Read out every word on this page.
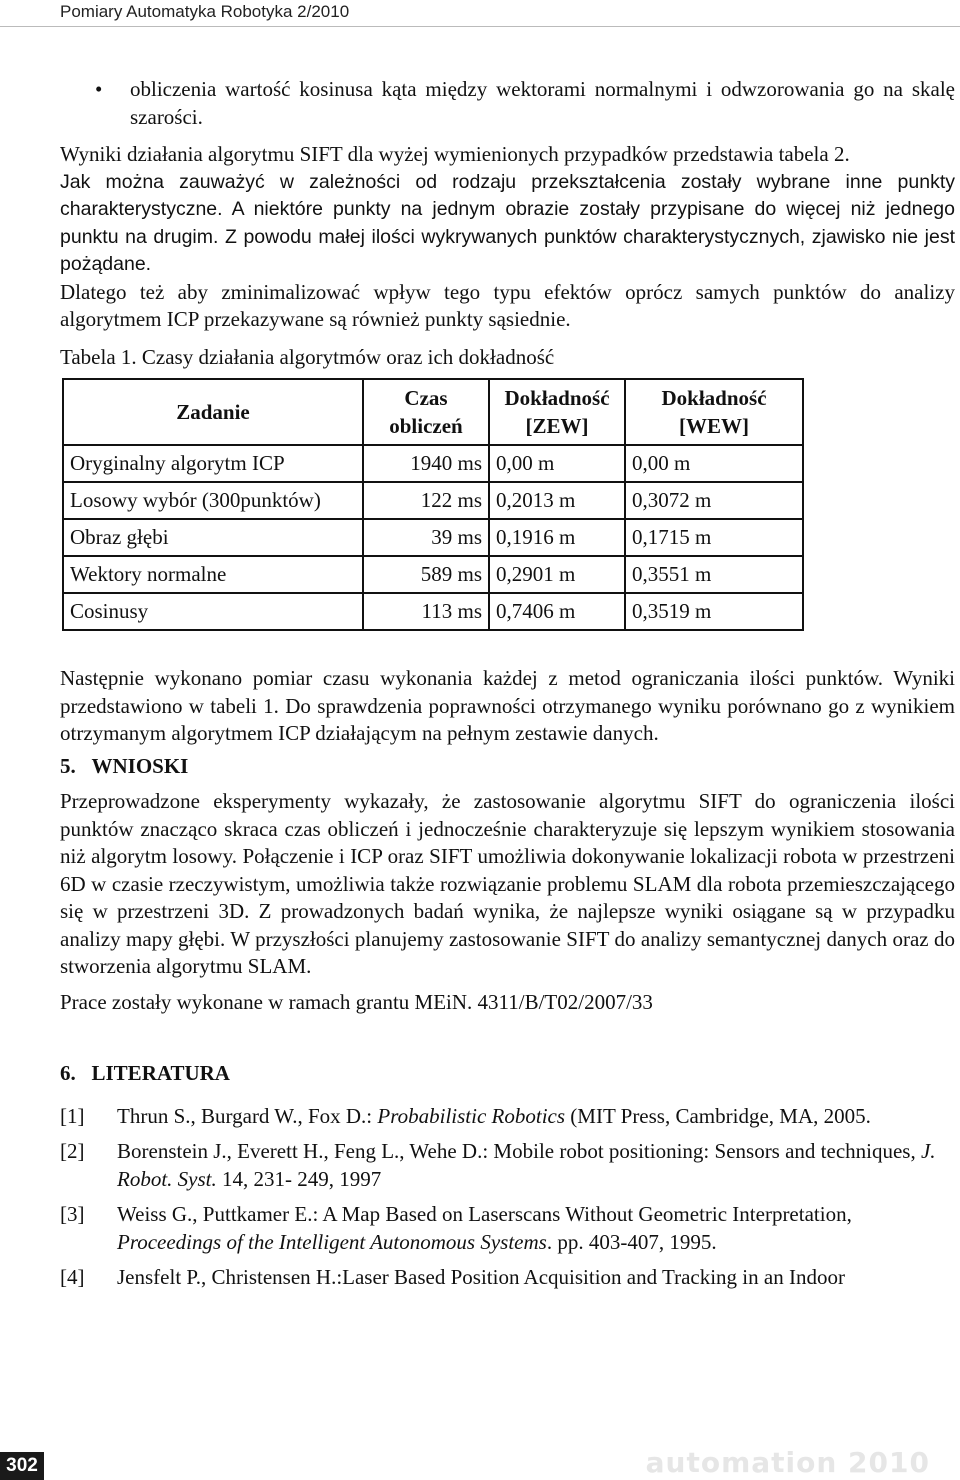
Pomiary Automatyka Robotyka 2/2010
• obliczenia wartość kosinusa kąta między wektorami normalnymi i odwzorowania go na skalę szarości.

Wyniki działania algorytmu SIFT dla wyżej wymienionych przypadków przedstawia tabela 2.

Jak można zauważyć w zależności od rodzaju przekształcenia zostały wybrane inne punkty charakterystyczne. A niektóre punkty na jednym obrazie zostały przypisane do więcej niż jednego punktu na drugim. Z powodu małej ilości wykrywanych punktów charakterystycznych, zjawisko nie jest pożądane.

Dlatego też aby zminimalizować wpływ tego typu efektów oprócz samych punktów do analizy algorytmem ICP przekazywane są również punkty sąsiednie.

Tabela 1. Czasy działania algorytmów oraz ich dokładność

Zadanie	Czas obliczeń	Dokładność [ZEW]	Dokładność [WEW]
Oryginalny algorytm ICP	1940 ms	0,00 m	0,00 m
Losowy wybór (300punktów)	122 ms	0,2013 m	0,3072 m
Obraz głębi	39 ms	0,1916 m	0,1715 m
Wektory normalne	589 ms	0,2901 m	0,3551 m
Cosinusy	113 ms	0,7406 m	0,3519 m

Następnie wykonano pomiar czasu wykonania każdej z metod ograniczania ilości punktów. Wyniki przedstawiono w tabeli 1. Do sprawdzenia poprawności otrzymanego wyniku porównano go z wynikiem otrzymanym algorytmem ICP działającym na pełnym zestawie danych.

5. WNIOSKI

Przeprowadzone eksperymenty wykazały, że zastosowanie algorytmu SIFT do ograniczenia ilości punktów znacząco skraca czas obliczeń i jednocześnie charakteryzuje się lepszym wynikiem stosowania niż algorytm losowy. Połączenie i ICP oraz SIFT umożliwia dokonywanie lokalizacji robota w przestrzeni 6D w czasie rzeczywistym, umożliwia także rozwiązanie problemu SLAM dla robota przemieszczającego się w przestrzeni 3D. Z prowadzonych badań wynika, że najlepsze wyniki osiągane są w przypadku analizy mapy głębi. W przyszłości planujemy zastosowanie SIFT do analizy semantycznej danych oraz do stworzenia algorytmu SLAM.

Prace zostały wykonane w ramach grantu MEiN. 4311/B/T02/2007/33

6. LITERATURA
[1] Thrun S., Burgard W., Fox D.: Probabilistic Robotics (MIT Press, Cambridge, MA, 2005.
[2] Borenstein J., Everett H., Feng L., Wehe D.: Mobile robot positioning: Sensors and techniques, J. Robot. Syst. 14, 231- 249, 1997
[3] Weiss G., Puttkamer E.: A Map Based on Laserscans Without Geometric Interpretation, Proceedings of the Intelligent Autonomous Systems. pp. 403-407, 1995.
[4] Jensfelt P., Christensen H.:Laser Based Position Acquisition and Tracking in an Indoor
302	automation 2010
